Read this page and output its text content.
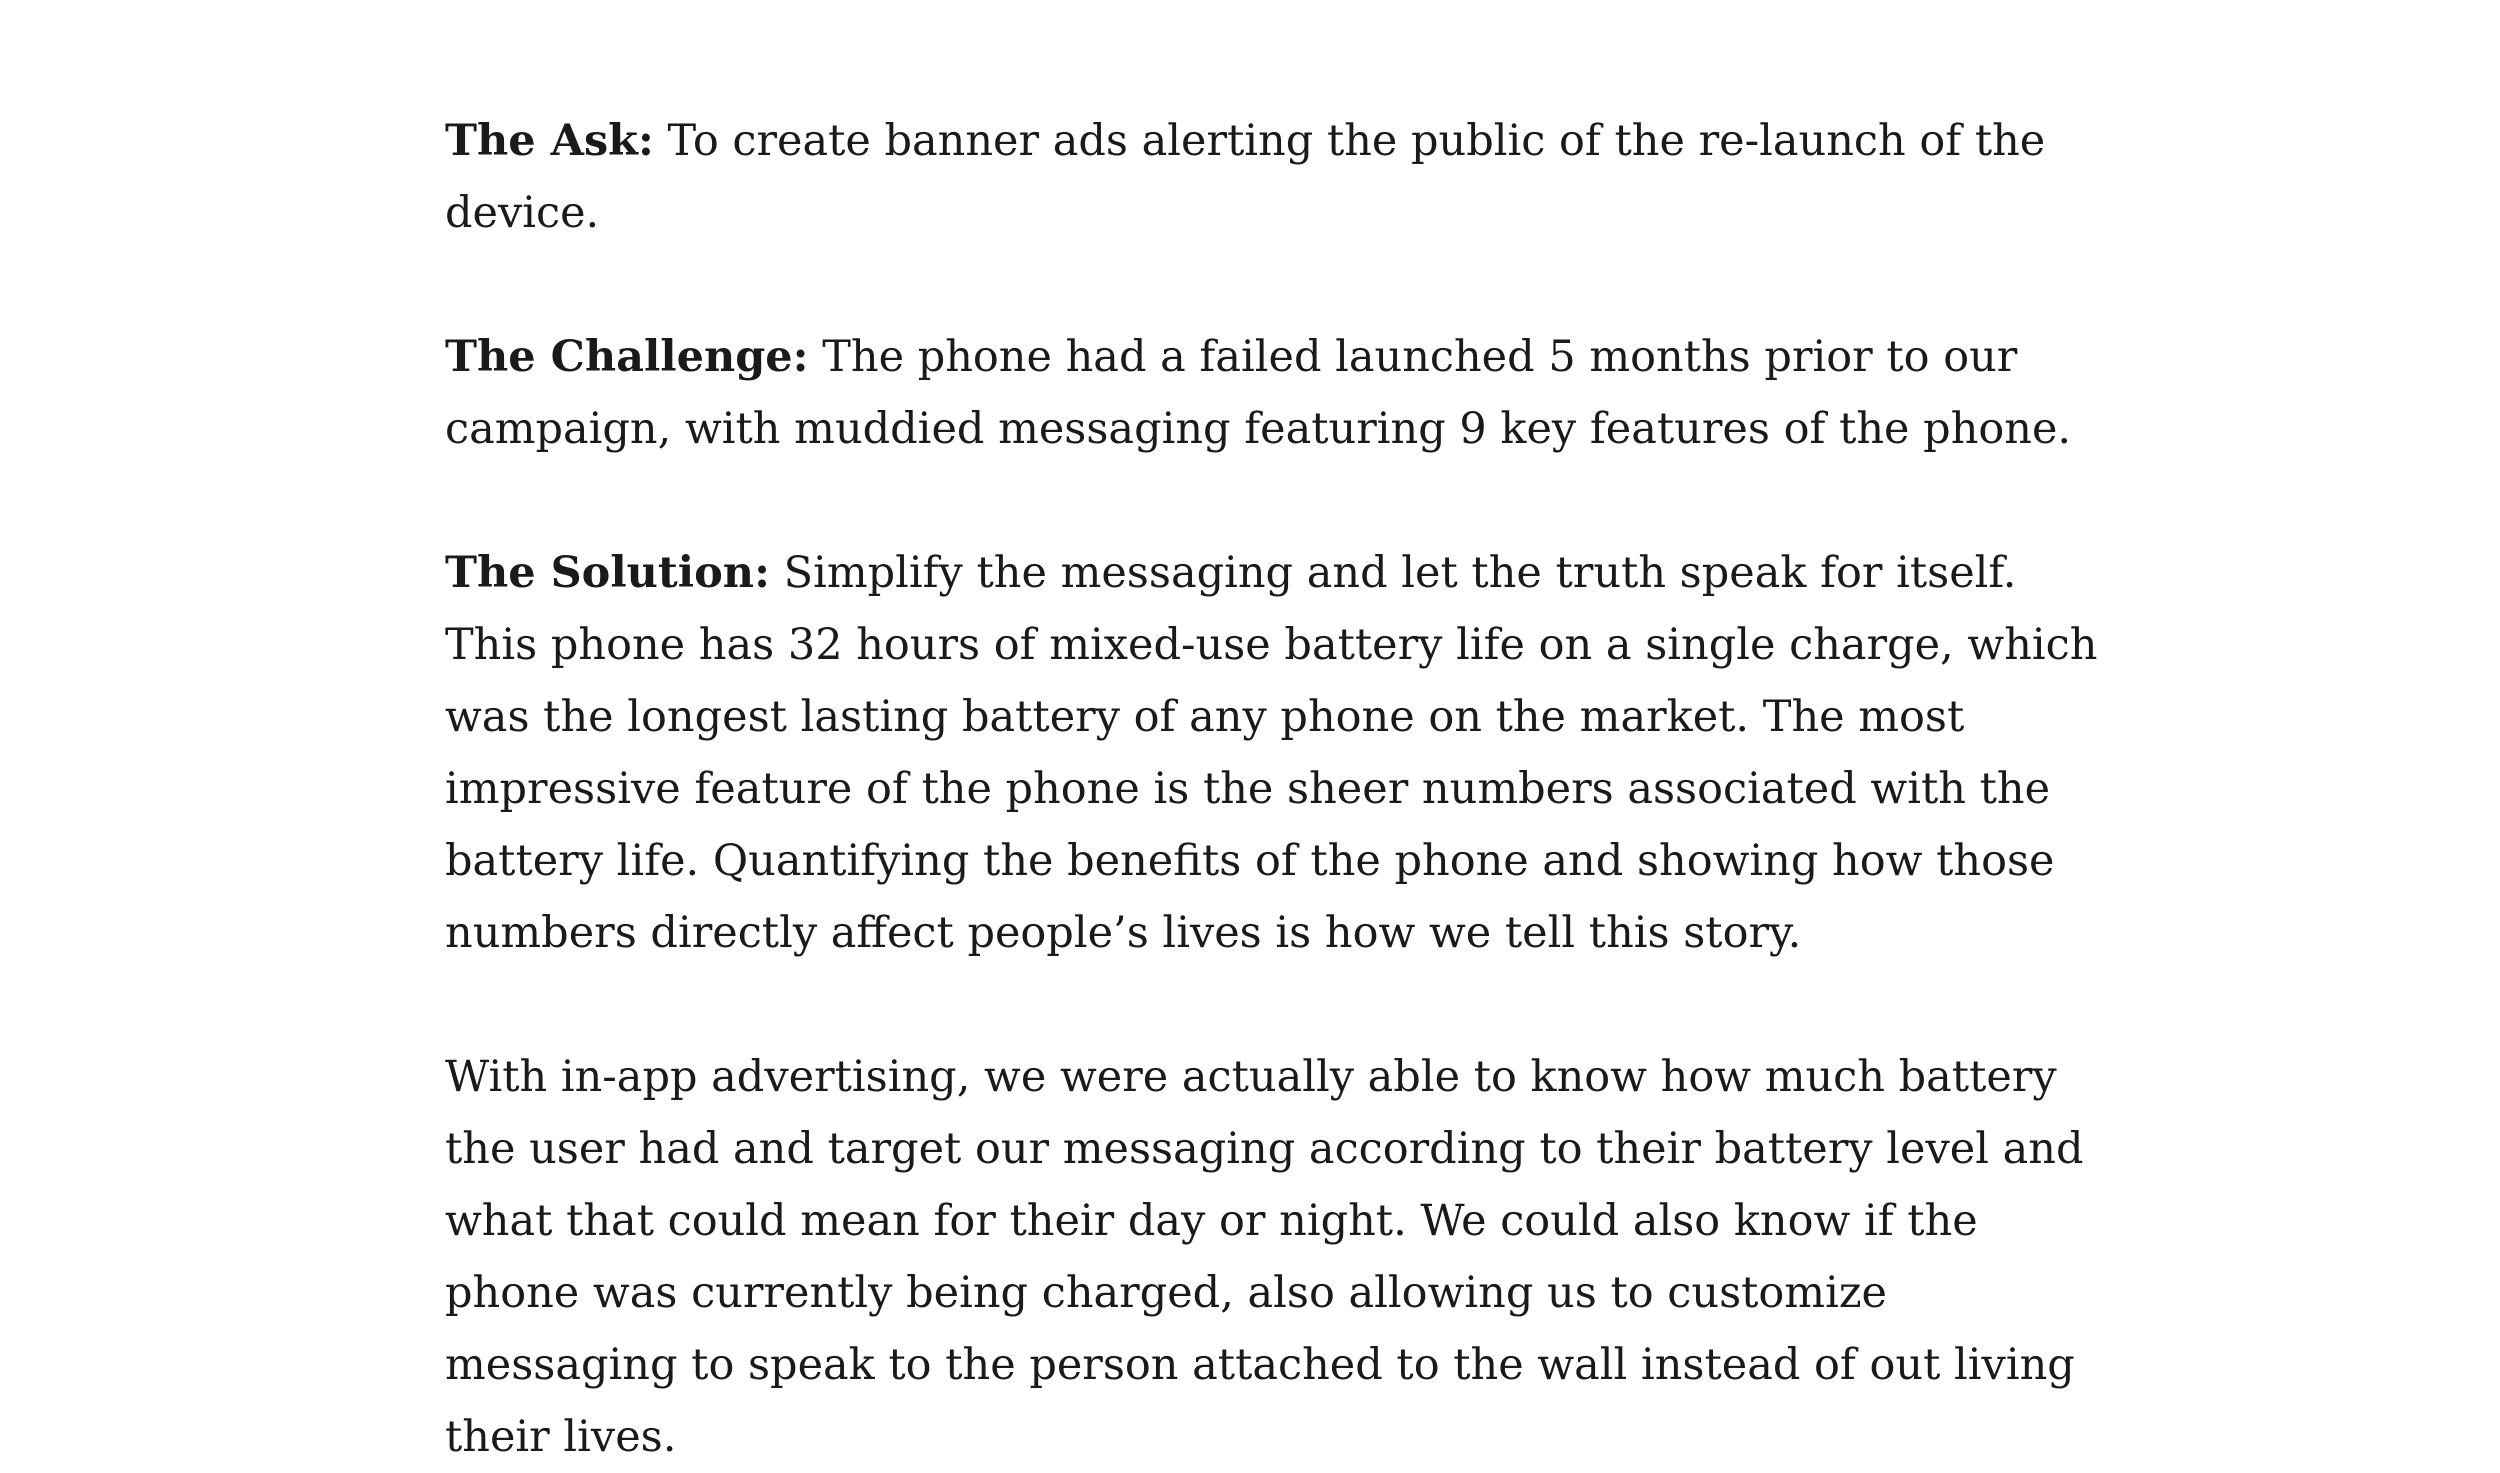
The Ask: To create banner ads alerting the public of the re-launch of the device.

The Challenge: The phone had a failed launched 5 months prior to our campaign, with muddied messaging featuring 9 key features of the phone.

The Solution: Simplify the messaging and let the truth speak for itself. This phone has 32 hours of mixed-use battery life on a single charge, which was the longest lasting battery of any phone on the market. The most impressive feature of the phone is the sheer numbers associated with the battery life. Quantifying the benefits of the phone and showing how those numbers directly affect people’s lives is how we tell this story.

With in-app advertising, we were actually able to know how much battery the user had and target our messaging according to their battery level and what that could mean for their day or night. We could also know if the phone was currently being charged, also allowing us to customize messaging to speak to the person attached to the wall instead of out living their lives.
